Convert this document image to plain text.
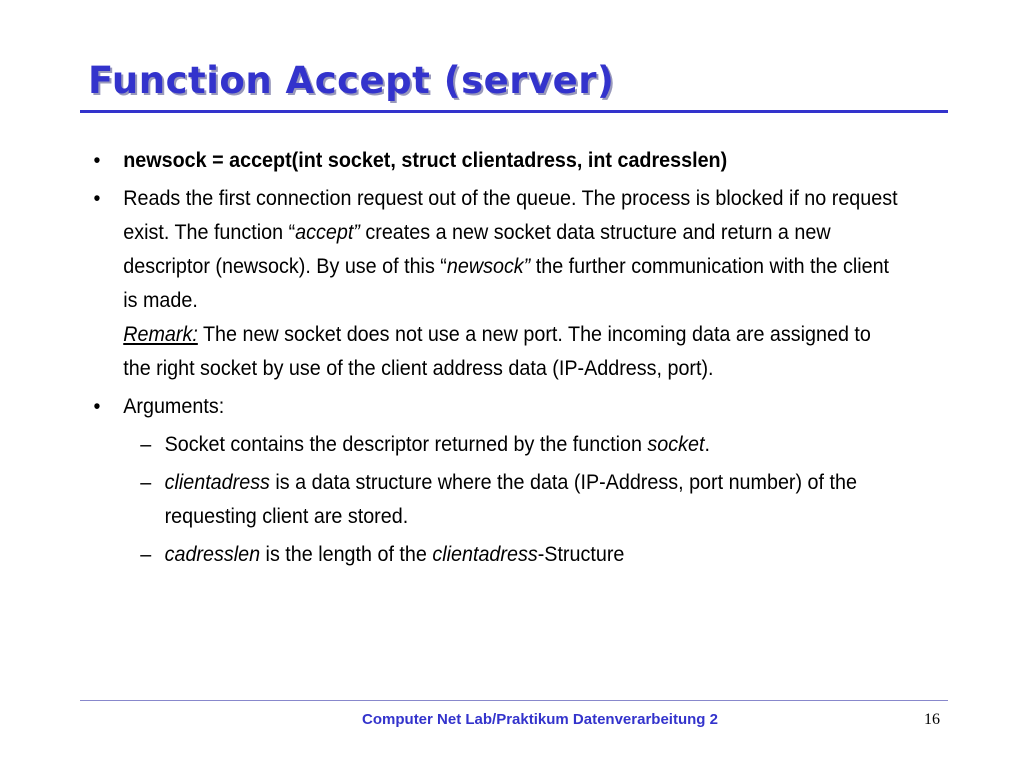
Function Accept (server)
• newsock = accept(int socket, struct clientadress, int cadresslen)
• Reads the first connection request out of the queue. The process is blocked if no request exist. The function “accept” creates a new socket data structure and return a new descriptor (newsock). By use of this “newsock” the further communication with the client is made.
Remark: The new socket does not use a new port. The incoming data are assigned to the right socket by use of the client address data (IP-Address, port).
• Arguments:
– Socket contains the descriptor returned by the function socket.
– clientadress is a data structure where the data (IP-Address, port number) of the requesting client are stored.
– cadresslen is the length of the clientadress-Structure
Computer Net Lab/Praktikum Datenverarbeitung 2	16
